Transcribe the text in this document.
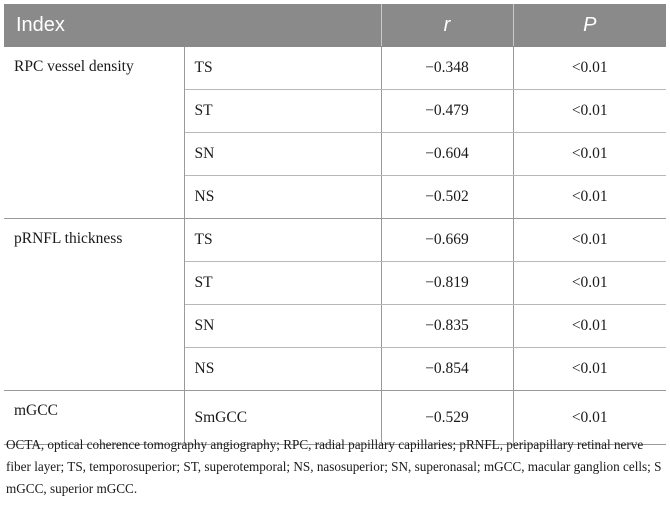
Index		r	P
RPC vessel density	TS	−0.348	<0.01
	ST	−0.479	<0.01
	SN	−0.604	<0.01
	NS	−0.502	<0.01
pRNFL thickness	TS	−0.669	<0.01
	ST	−0.819	<0.01
	SN	−0.835	<0.01
	NS	−0.854	<0.01
mGCC	SmGCC	−0.529	<0.01
OCTA, optical coherence tomography angiography; RPC, radial papillary capillaries; pRNFL, peripapillary retinal nerve fiber layer; TS, temporosuperior; ST, superotemporal; NS, nasosuperior; SN, superonasal; mGCC, macular ganglion cells; S mGCC, superior mGCC.
